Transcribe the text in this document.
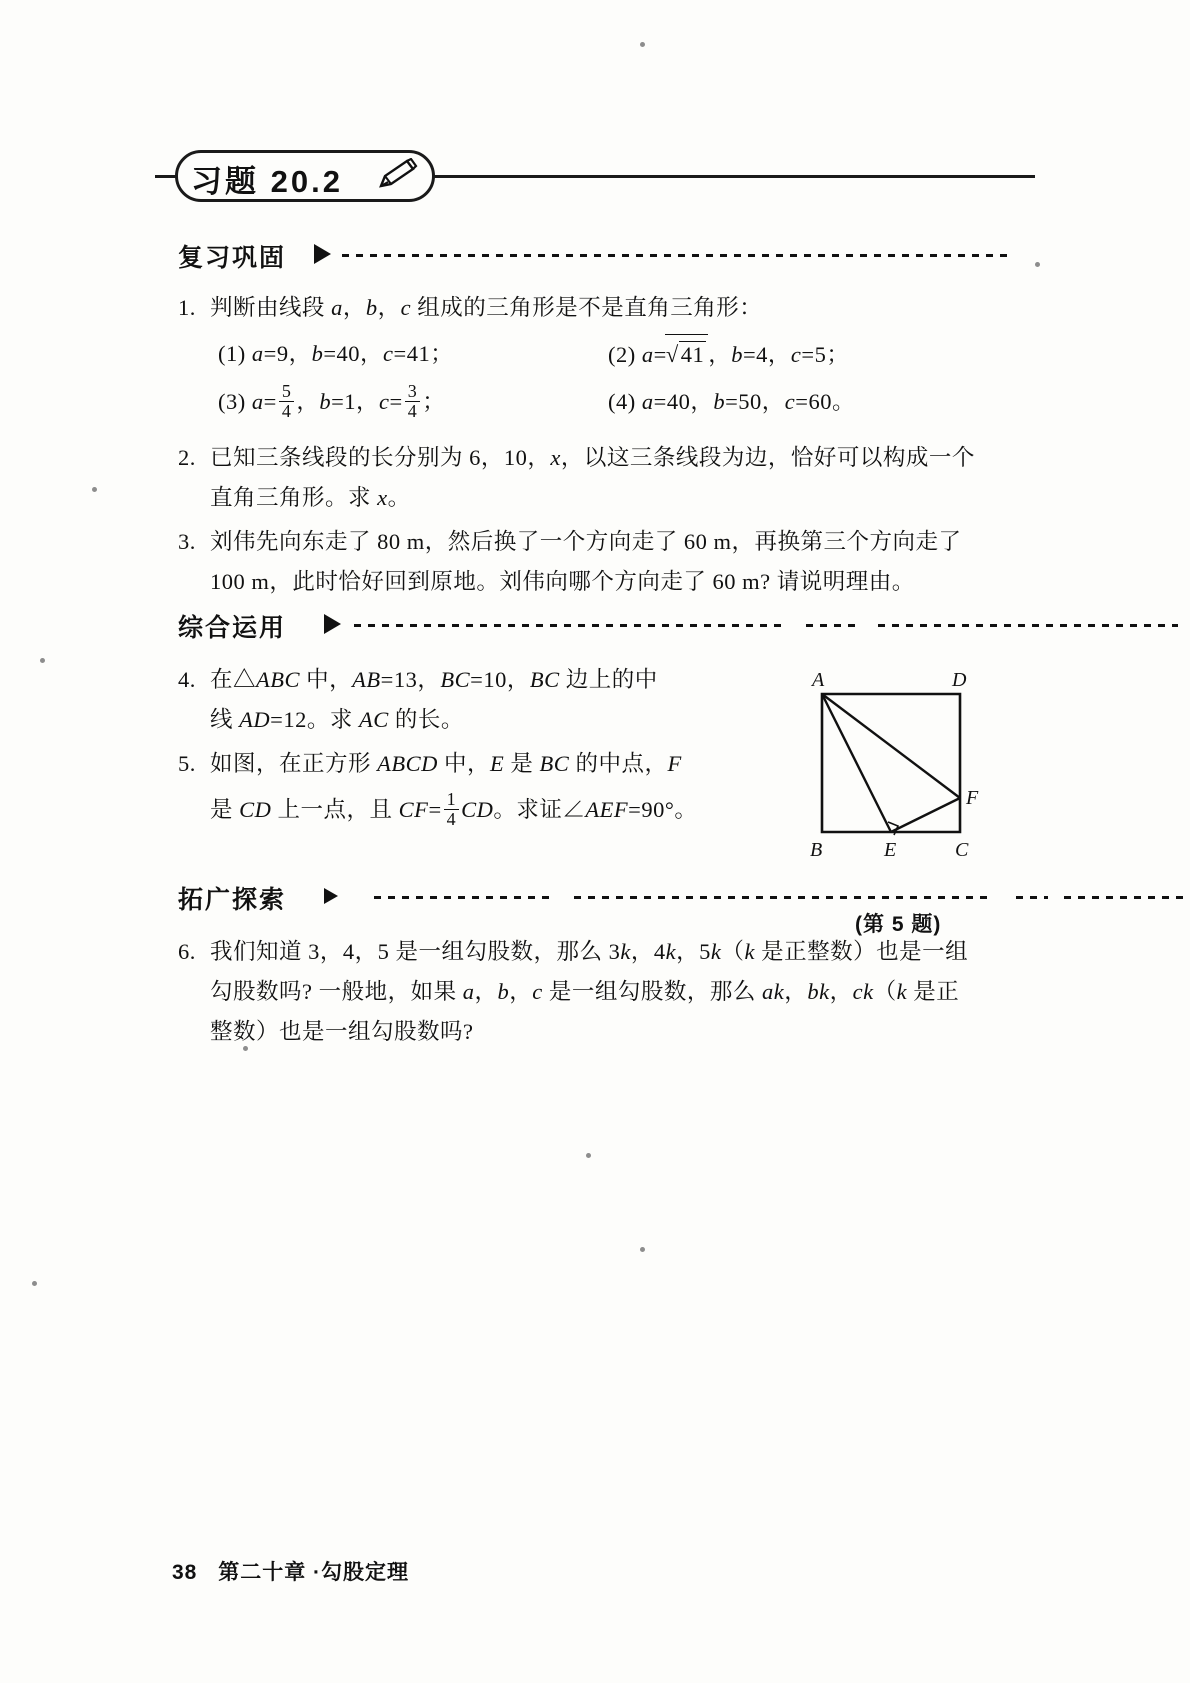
习题 20.2
复习巩固
1. 判断由线段 a，b，c 组成的三角形是不是直角三角形：
(1) a=9，b=40，c=41；	(2) a=√41 ，b=4，c=5；
(3) $a= \frac{5}{4}$ ，b=1，$c= \frac{3}{4}$ ；	(4) a=40，b=50，c=60。
2. 已知三条线段的长分别为 6，10，x，以这三条线段为边，恰好可以构成一个
直角三角形。求 x。
3. 刘伟先向东走了 80 m，然后换了一个方向走了 60 m，再换第三个方向走了
100 m，此时恰好回到原地。刘伟向哪个方向走了 60 m? 请说明理由。
综合运用
4. 在△ABC 中，AB=13，BC=10，BC 边上的中
线 AD=12。求 AC 的长。
5. 如图，在正方形 ABCD 中，E 是 BC 的中点，F
是 CD 上一点，且 $CF= \frac{1}{4}$ CD。求证∠AEF=90°。
A	D
B	E	C
F
(第 5 题)
拓广探索
6. 我们知道 3，4，5 是一组勾股数，那么 3k，4k，5k（k 是正整数）也是一组
勾股数吗? 一般地，如果 a，b，c 是一组勾股数，那么 ak，bk，ck（k 是正
整数）也是一组勾股数吗?
38 第二十章 ·勾股定理
